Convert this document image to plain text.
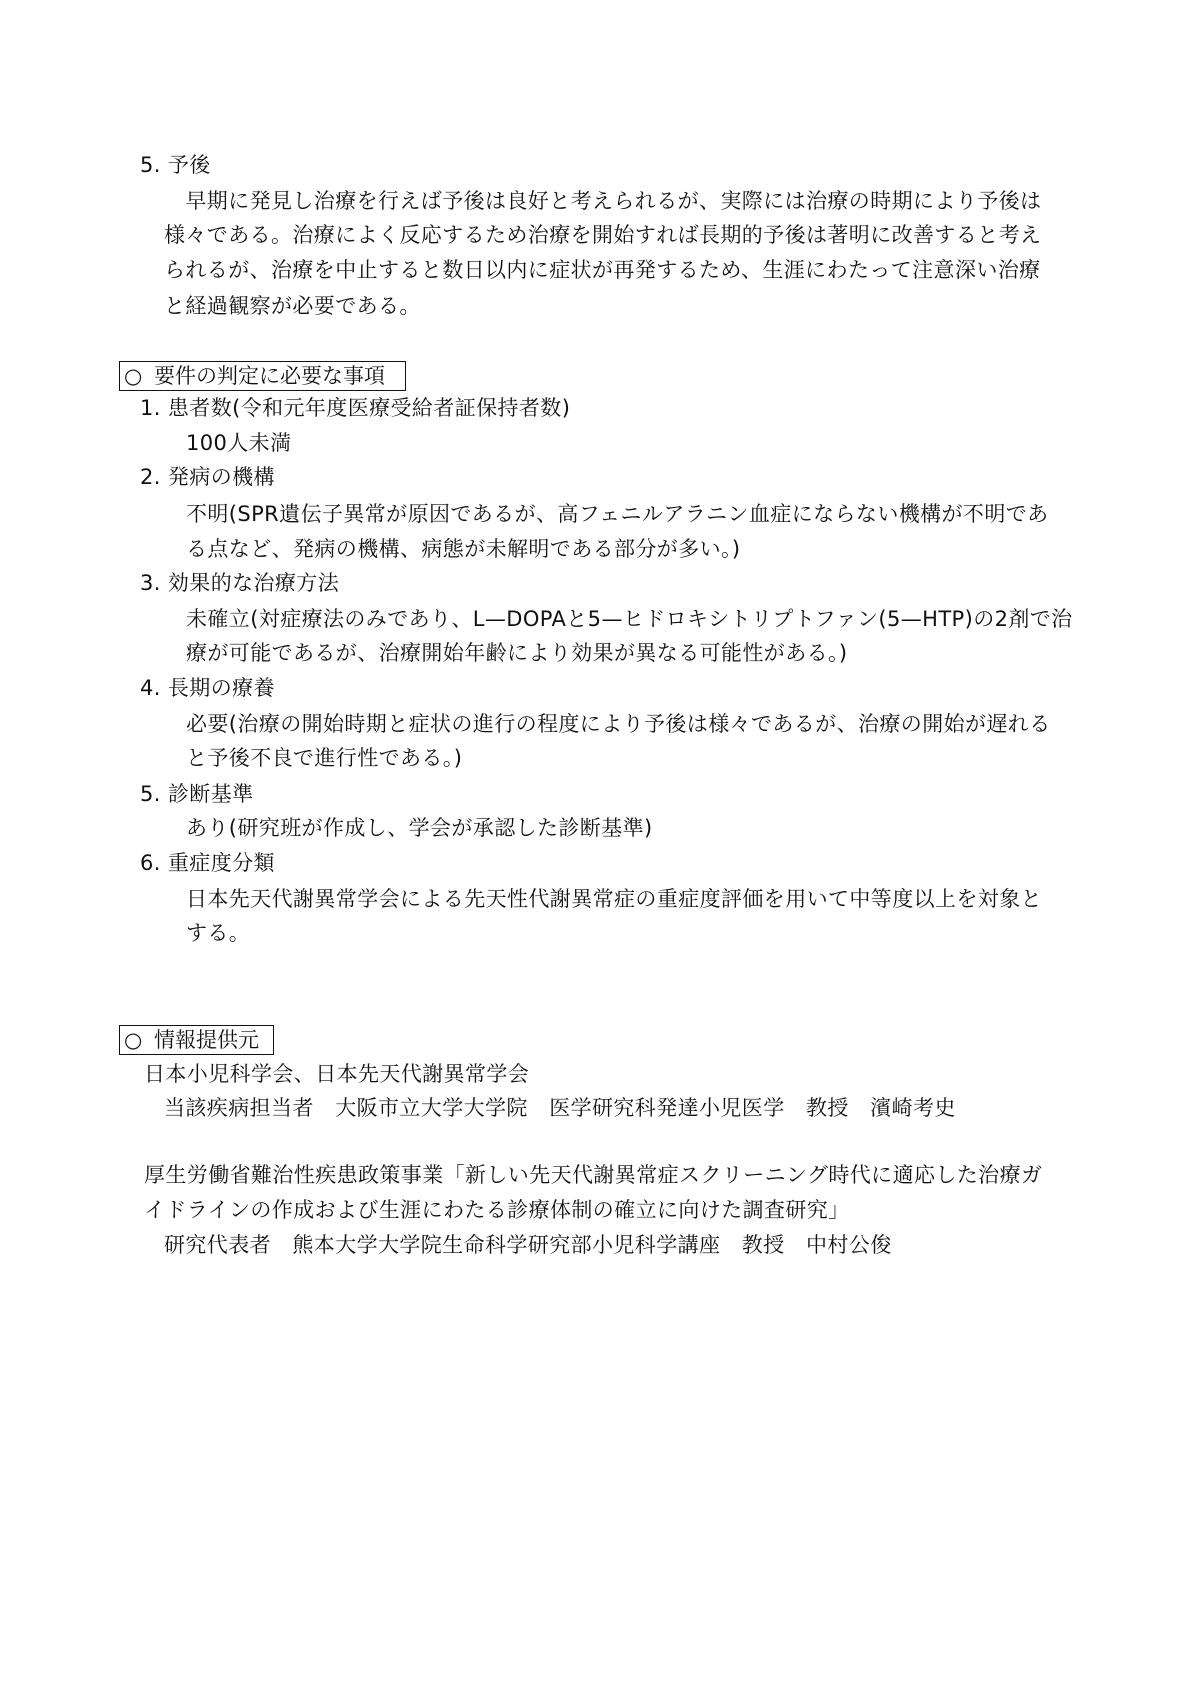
5. 予後
　早期に発見し治療を行えば予後は良好と考えられるが、実際には治療の時期により予後は
様々である。治療によく反応するため治療を開始すれば長期的予後は著明に改善すると考え
られるが、治療を中止すると数日以内に症状が再発するため、生涯にわたって注意深い治療
と経過観察が必要である。
○ 要件の判定に必要な事項
1. 患者数(令和元年度医療受給者証保持者数)
100人未満
2. 発病の機構
不明(SPR遺伝子異常が原因であるが、高フェニルアラニン血症にならない機構が不明であ
る点など、発病の機構、病態が未解明である部分が多い。)
3. 効果的な治療方法
未確立(対症療法のみであり、L—DOPAと5—ヒドロキシトリプトファン(5—HTP)の2剤で治
療が可能であるが、治療開始年齢により効果が異なる可能性がある。)
4. 長期の療養
必要(治療の開始時期と症状の進行の程度により予後は様々であるが、治療の開始が遅れる
と予後不良で進行性である。)
5. 診断基準
あり(研究班が作成し、学会が承認した診断基準)
6. 重症度分類
日本先天代謝異常学会による先天性代謝異常症の重症度評価を用いて中等度以上を対象と
する。
○ 情報提供元
日本小児科学会、日本先天代謝異常学会
当該疾病担当者　大阪市立大学大学院　医学研究科発達小児医学　教授　濱崎考史
厚生労働省難治性疾患政策事業「新しい先天代謝異常症スクリーニング時代に適応した治療ガ
イドラインの作成および生涯にわたる診療体制の確立に向けた調査研究」
研究代表者　熊本大学大学院生命科学研究部小児科学講座　教授　中村公俊
